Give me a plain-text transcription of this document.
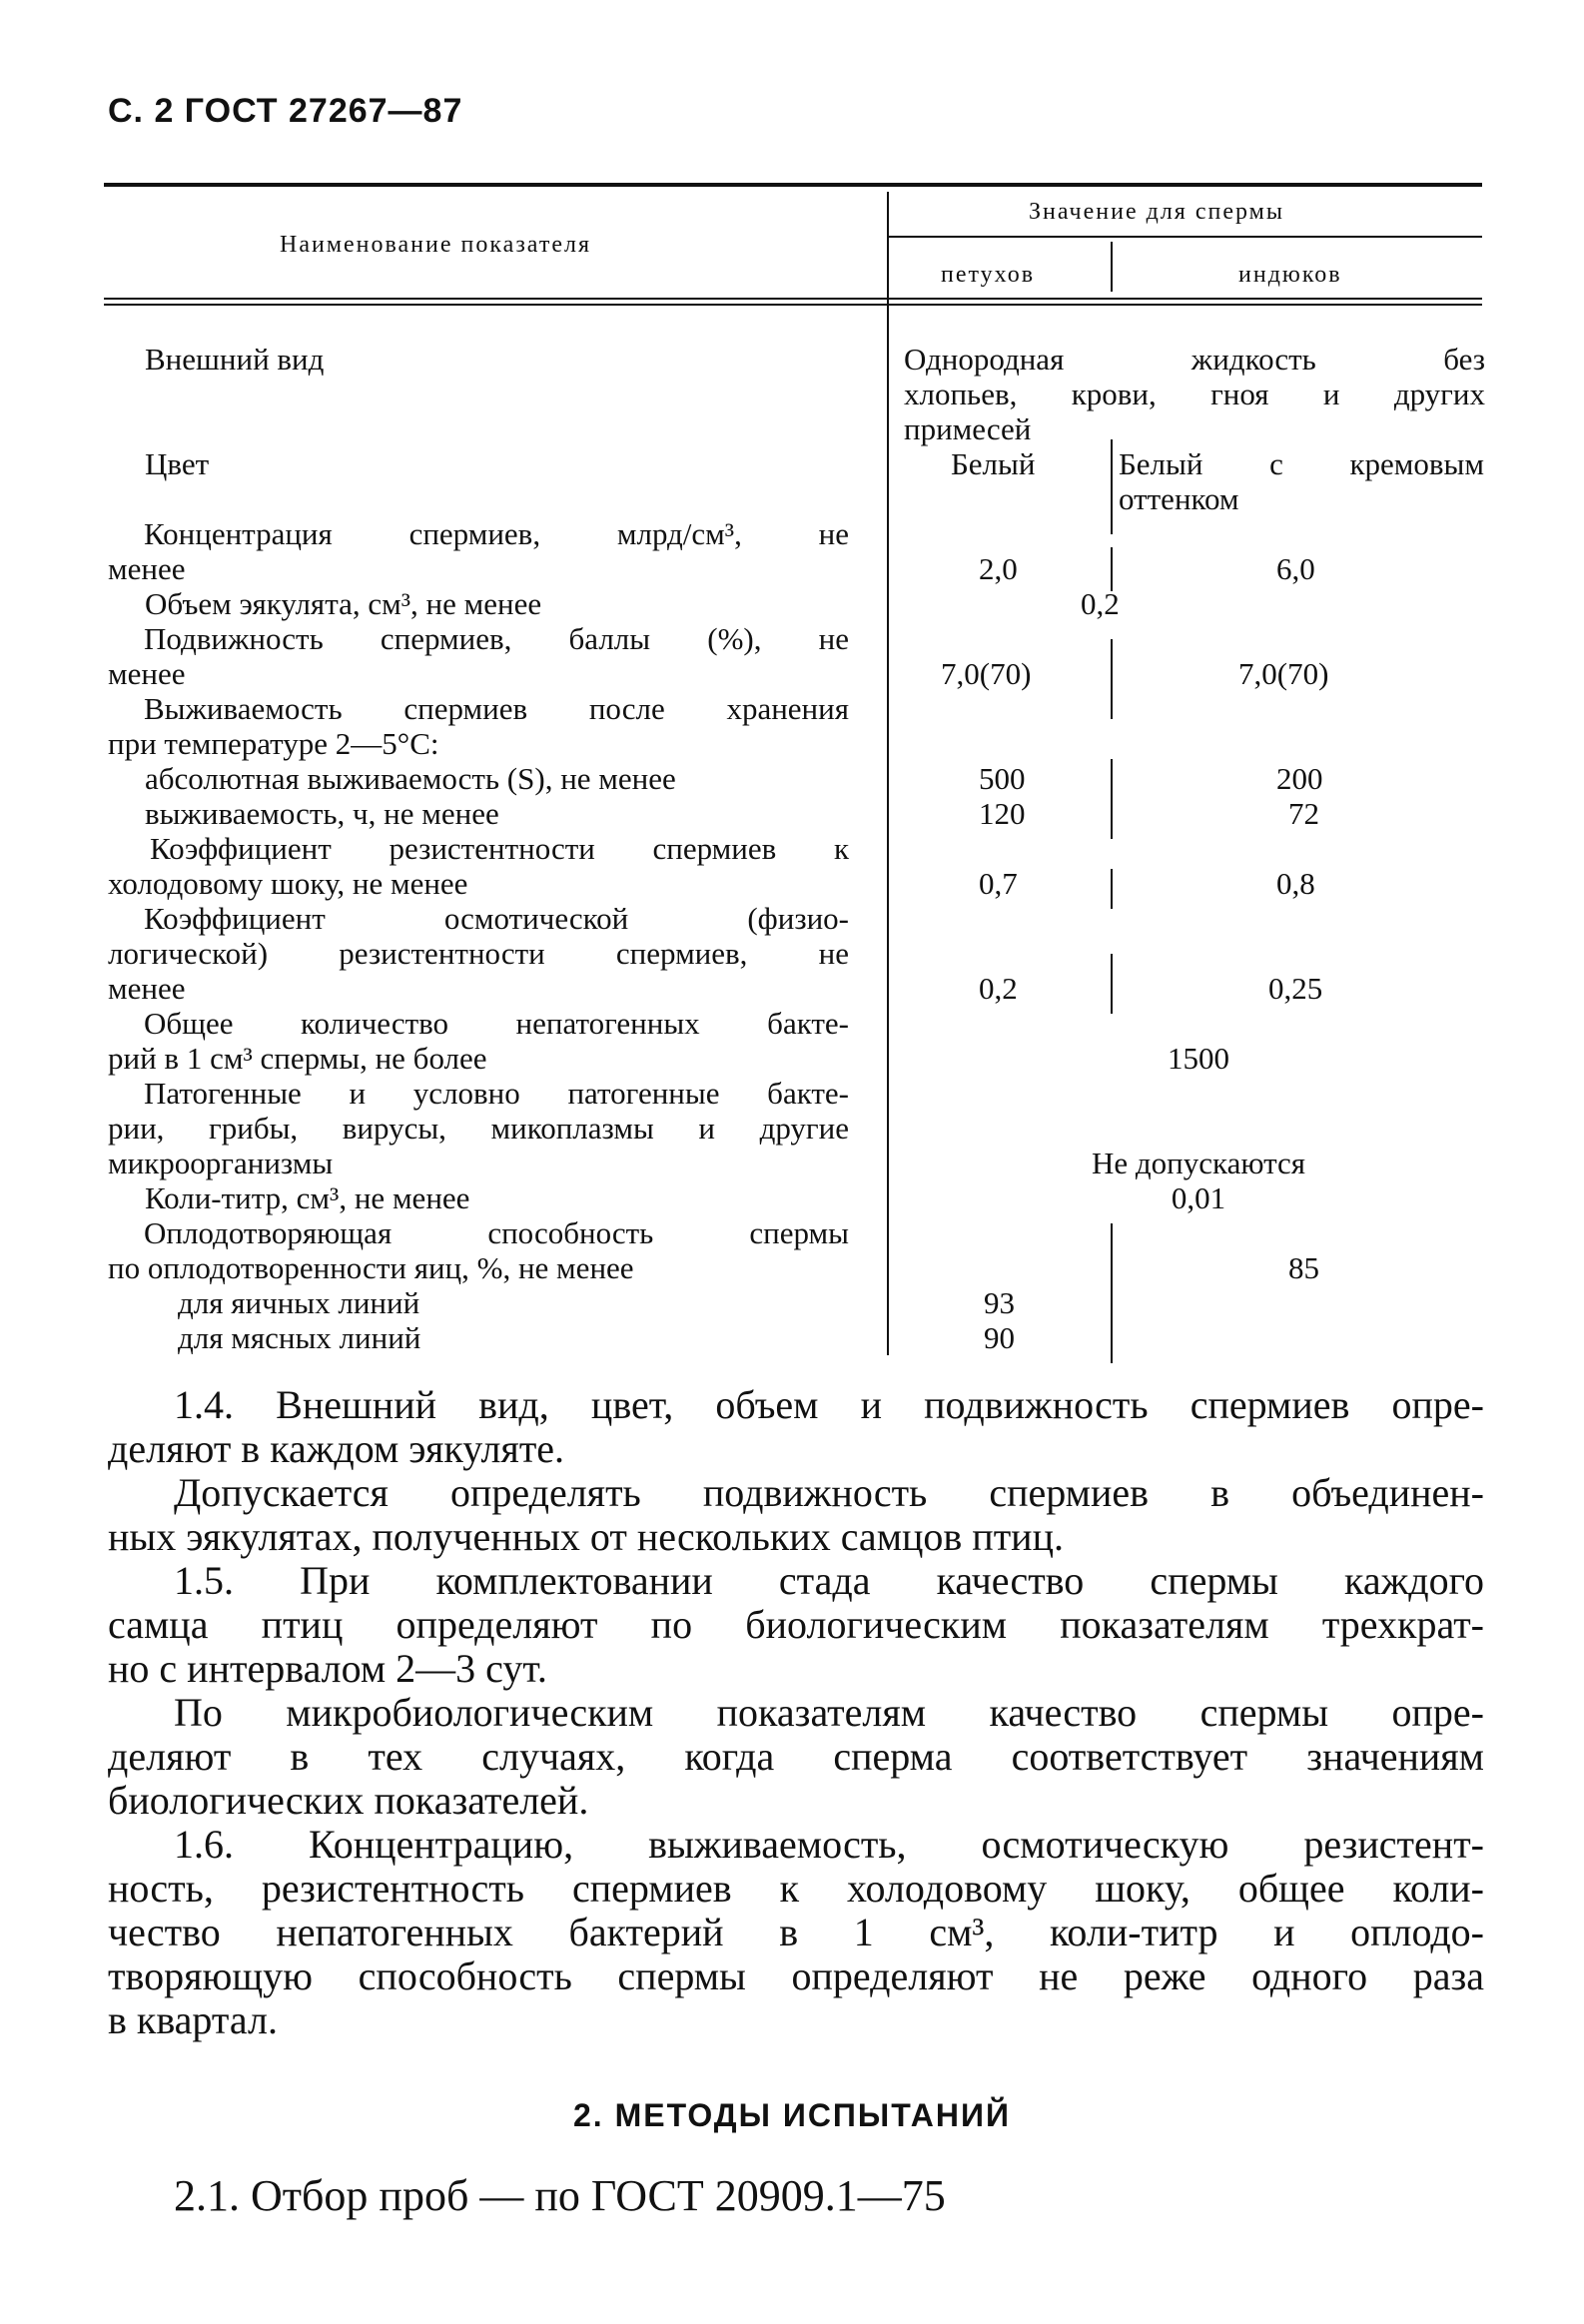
С. 2 ГОСТ 27267—87
Наименование показателя
Значение для спермы
петухов	индюков
Внешний вид	Однородная жидкость без
хлопьев, крови, гноя и других
примесей
Цвет	Белый	Белый с кремовым
оттенком
Концентрация спермиев, млрд/см³, не
менее	2,0	6,0
Объем эякулята, см³, не менее	0,2
Подвижность спермиев, баллы (%), не
менее	7,0(70)	7,0(70)
Выживаемость спермиев после хранения
при температуре 2—5°С:
абсолютная выживаемость (S), не менее	500	200
выживаемость, ч, не менее	120	72
Коэффициент резистентности спермиев к
холодовому шоку, не менее	0,7	0,8
Коэффициент осмотической (физио-
логической) резистентности спермиев, не
менее	0,2	0,25
Общее количество непатогенных бакте-
рий в 1 см³ спермы, не более	1500
Патогенные и условно патогенные бакте-
рии, грибы, вирусы, микоплазмы и другие
микроорганизмы	Не допускаются
Коли-титр, см³, не менее	0,01
Оплодотворяющая способность спермы
по оплодотворенности яиц, %, не менее	85
для яичных линий	93
для мясных линий	90
1.4. Внешний вид, цвет, объем и подвижность спермиев опре-
деляют в каждом эякуляте.
Допускается определять подвижность спермиев в объединен-
ных эякулятах, полученных от нескольких самцов птиц.
1.5. При комплектовании стада качество спермы каждого
самца птиц определяют по биологическим показателям трехкрат-
но с интервалом 2—3 сут.
По микробиологическим показателям качество спермы опре-
деляют в тех случаях, когда сперма соответствует значениям
биологических показателей.
1.6. Концентрацию, выживаемость, осмотическую резистент-
ность, резистентность спермиев к холодовому шоку, общее коли-
чество непатогенных бактерий в 1 см³, коли-титр и оплодо-
творяющую способность спермы определяют не реже одного раза
в квартал.
2. МЕТОДЫ ИСПЫТАНИЙ
2.1. Отбор проб — по ГОСТ 20909.1—75
